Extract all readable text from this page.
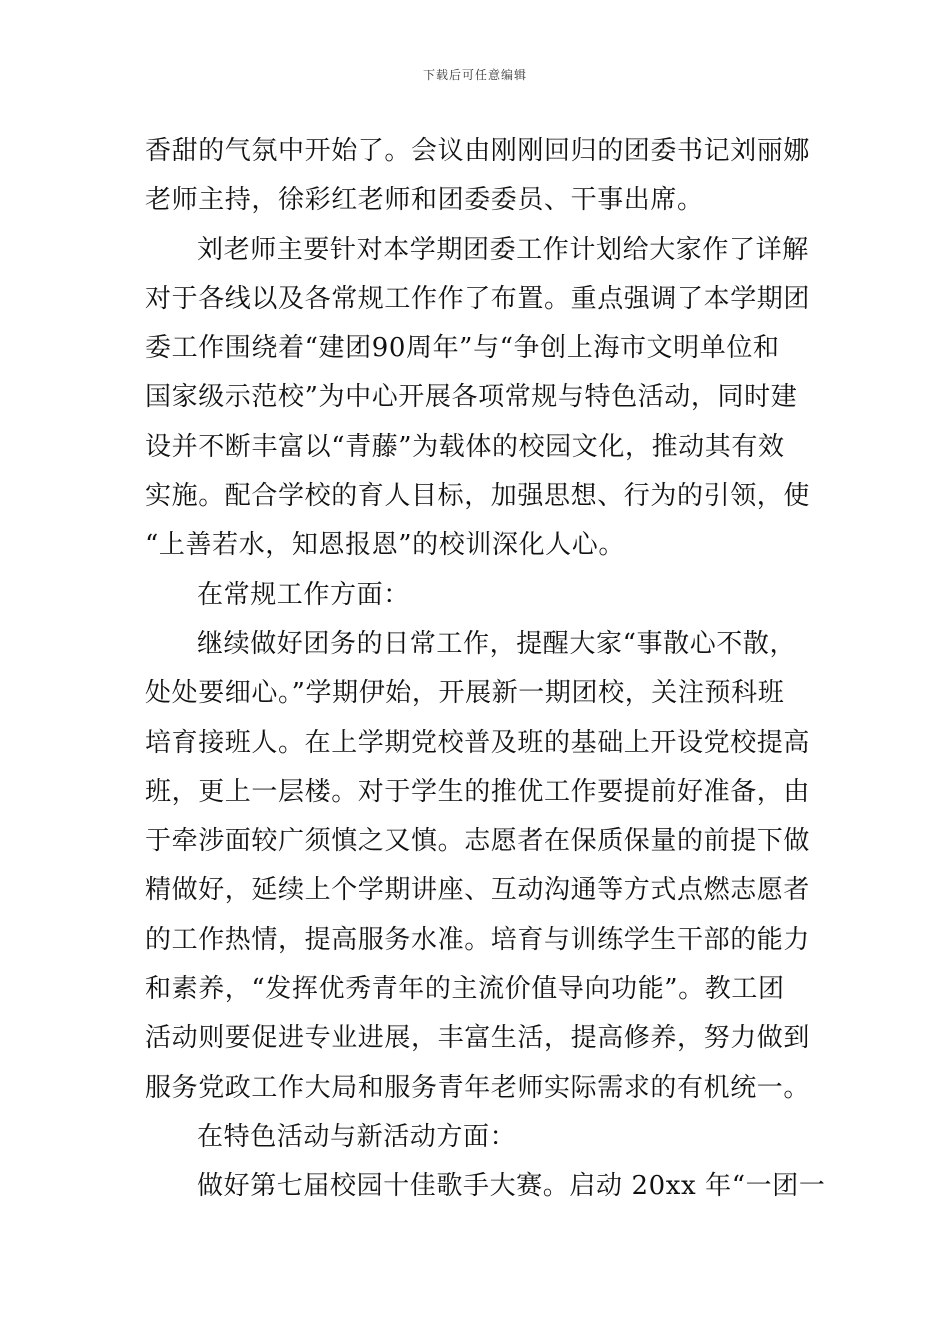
下载后可任意编辑
香甜的气氛中开始了。会议由刚刚回归的团委书记刘丽娜
老师主持，徐彩红老师和团委委员、干事出席。
刘老师主要针对本学期团委工作计划给大家作了详解
对于各线以及各常规工作作了布置。重点强调了本学期团
委工作围绕着“建团90周年”与“争创上海市文明单位和
国家级示范校”为中心开展各项常规与特色活动，同时建
设并不断丰富以“青藤”为载体的校园文化，推动其有效
实施。配合学校的育人目标，加强思想、行为的引领，使
“上善若水，知恩报恩”的校训深化人心。
在常规工作方面：
继续做好团务的日常工作，提醒大家“事散心不散，
处处要细心。”学期伊始，开展新一期团校，关注预科班
培育接班人。在上学期党校普及班的基础上开设党校提高
班，更上一层楼。对于学生的推优工作要提前好准备，由
于牵涉面较广须慎之又慎。志愿者在保质保量的前提下做
精做好，延续上个学期讲座、互动沟通等方式点燃志愿者
的工作热情，提高服务水准。培育与训练学生干部的能力
和素养，“发挥优秀青年的主流价值导向功能”。教工团
活动则要促进专业进展，丰富生活，提高修养，努力做到
服务党政工作大局和服务青年老师实际需求的有机统一。
在特色活动与新活动方面：
做好第七届校园十佳歌手大赛。启动 20xx 年“一团一
